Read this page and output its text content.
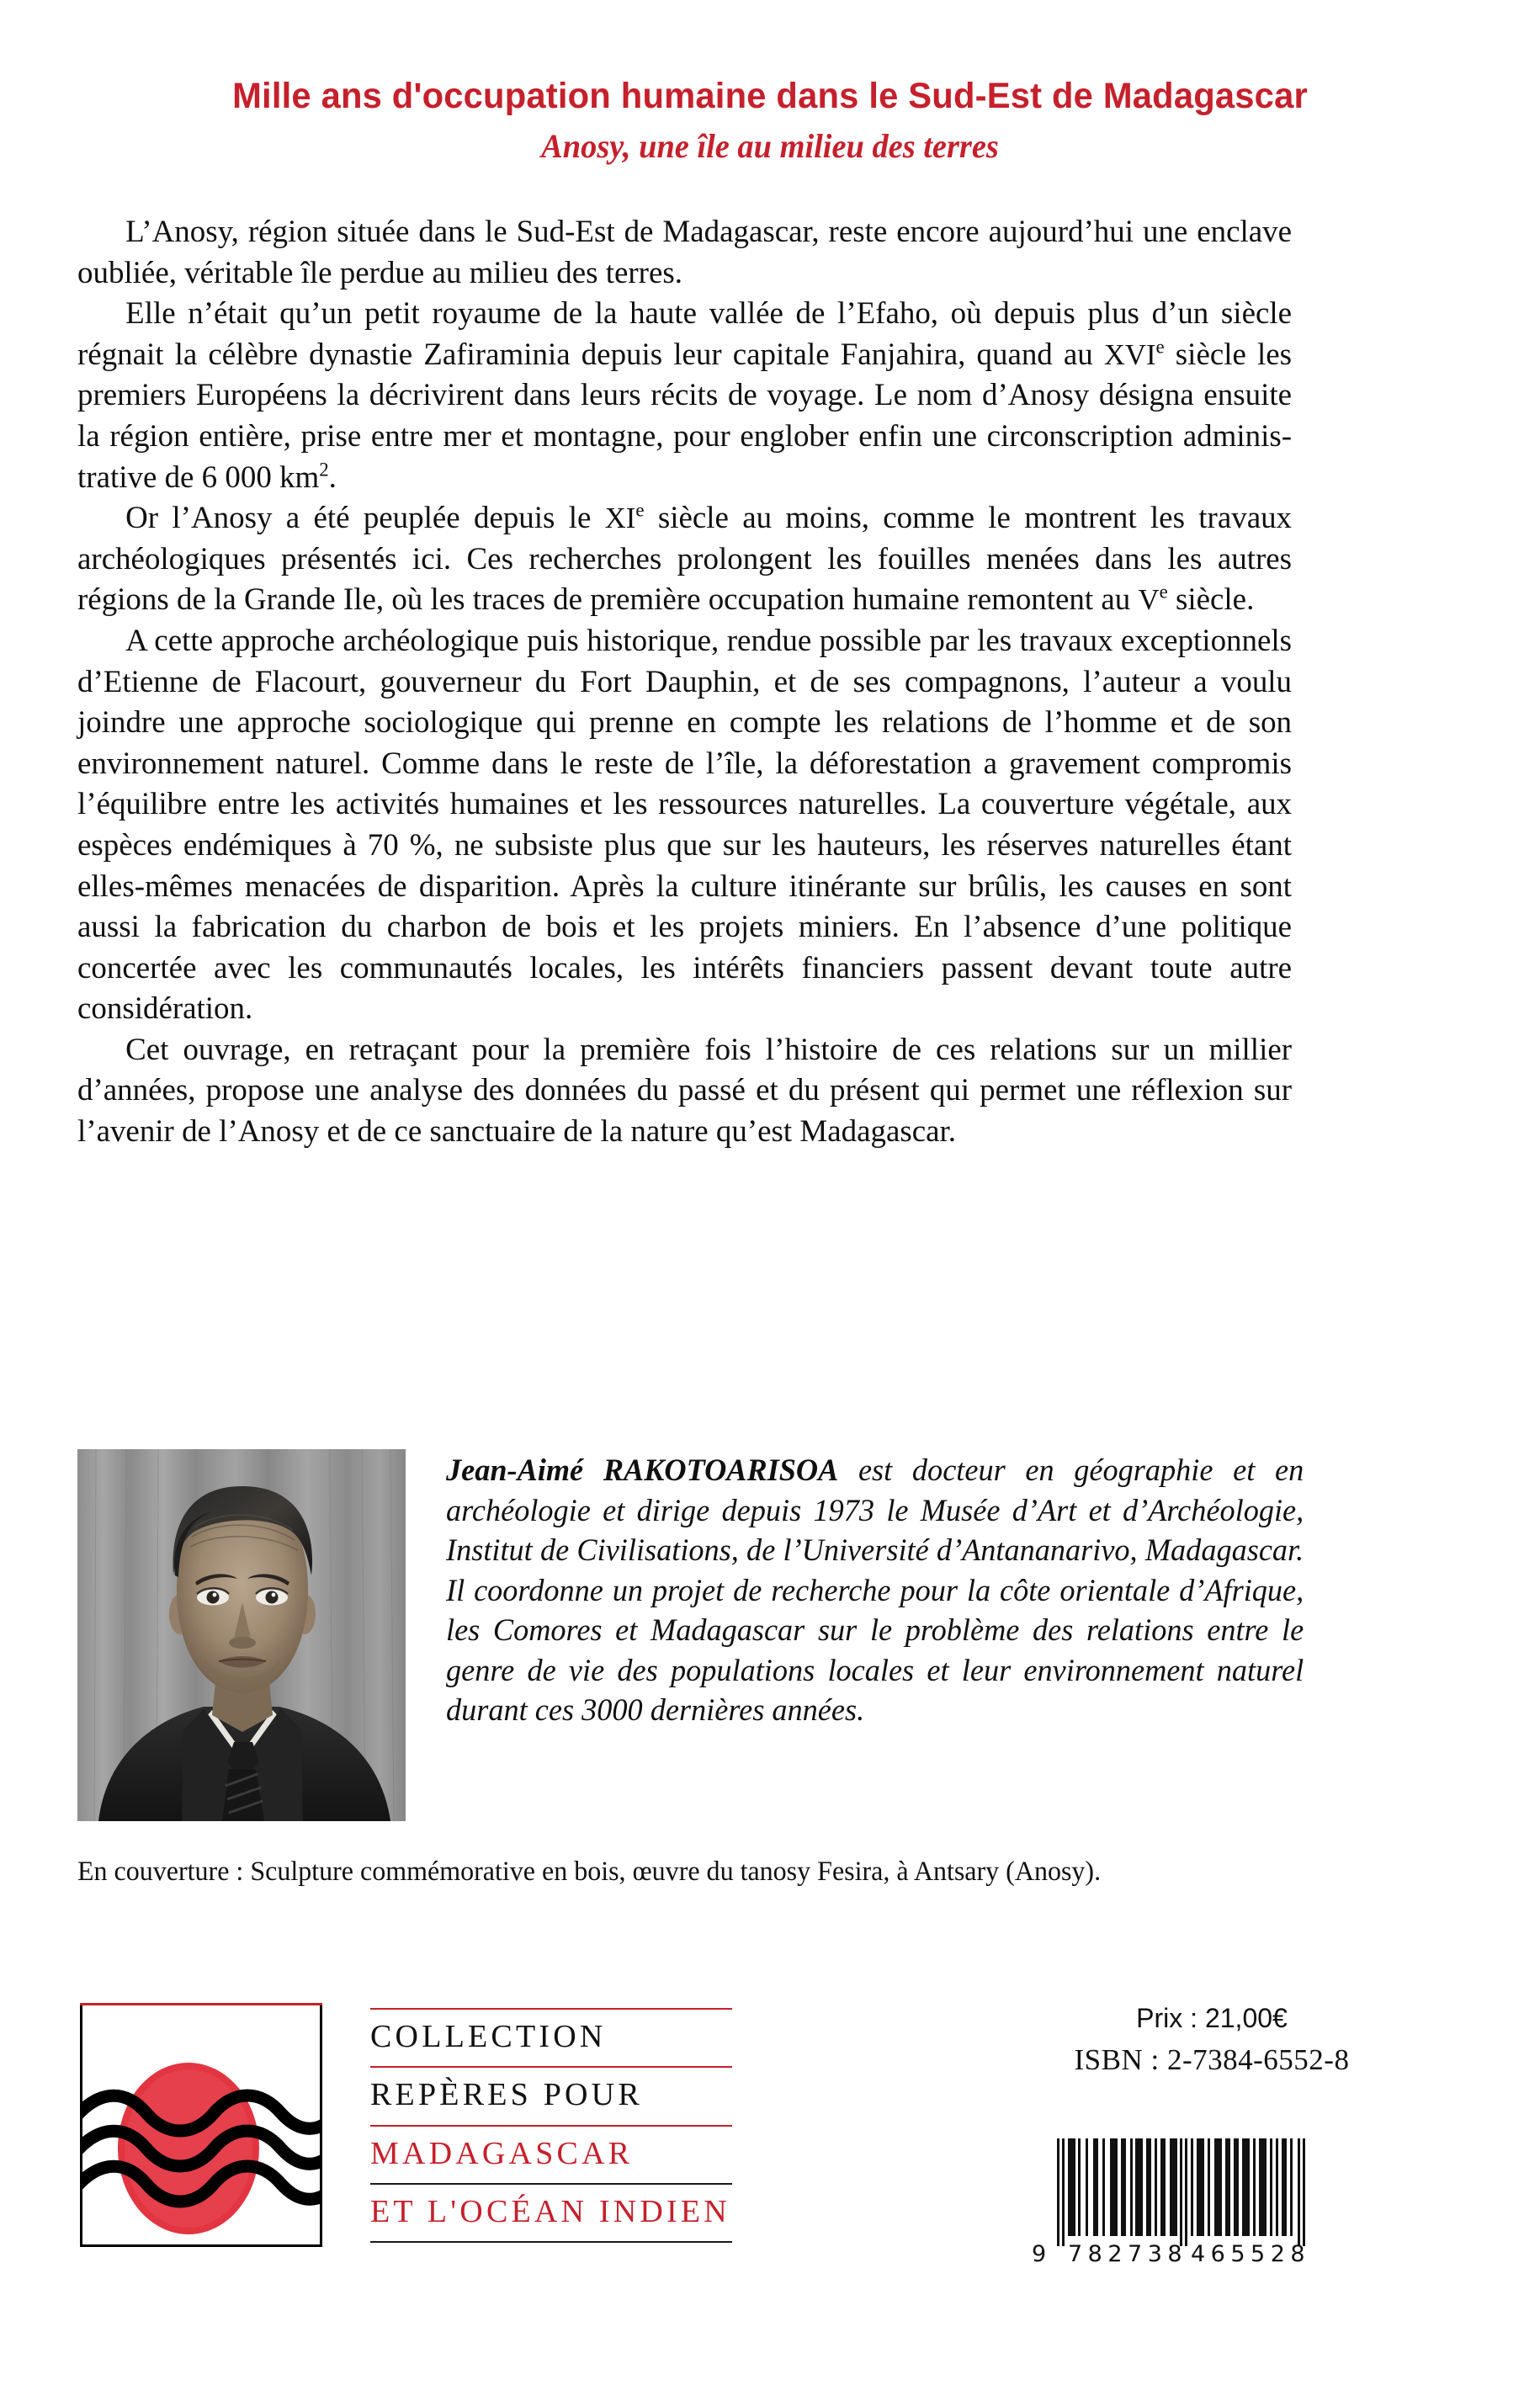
Mille ans d'occupation humaine dans le Sud-Est de Madagascar
Anosy, une île au milieu des terres

L’Anosy, région située dans le Sud-Est de Madagascar, reste encore aujourd’hui une enclave oubliée, véritable île perdue au milieu des terres.

Elle n’était qu’un petit royaume de la haute vallée de l’Efaho, où depuis plus d’un siècle régnait la célèbre dynastie Zafiraminia depuis leur capitale Fanjahira, quand au XVIe siècle les premiers Européens la décrivirent dans leurs récits de voyage. Le nom d’Anosy désigna ensuite la région entière, prise entre mer et montagne, pour englober enfin une circonscription adminis-trative de 6 000 $km^2$.

Or l’Anosy a été peuplée depuis le XIe siècle au moins, comme le montrent les travaux archéologiques présentés ici. Ces recherches prolongent les fouilles menées dans les autres régions de la Grande Ile, où les traces de première occupation humaine remontent au Ve siècle.

A cette approche archéologique puis historique, rendue possible par les travaux exceptionnels d’Etienne de Flacourt, gouverneur du Fort Dauphin, et de ses compagnons, l’auteur a voulu joindre une approche sociologique qui prenne en compte les relations de l’homme et de son environnement naturel. Comme dans le reste de l’île, la déforestation a gravement compromis l’équilibre entre les activités humaines et les ressources naturelles. La couverture végétale, aux espèces endémiques à 70 %, ne subsiste plus que sur les hauteurs, les réserves naturelles étant elles-mêmes menacées de disparition. Après la culture itinérante sur brûlis, les causes en sont aussi la fabrication du charbon de bois et les projets miniers. En l’absence d’une politique concertée avec les communautés locales, les intérêts financiers passent devant toute autre considération.

Cet ouvrage, en retraçant pour la première fois l’histoire de ces relations sur un millier d’années, propose une analyse des données du passé et du présent qui permet une réflexion sur l’avenir de l’Anosy et de ce sanctuaire de la nature qu’est Madagascar.

Jean-Aimé RAKOTOARISOA est docteur en géographie et en archéologie et dirige depuis 1973 le Musée d’Art et d’Archéologie, Institut de Civilisations, de l’Université d’Antananarivo, Madagascar. Il coordonne un projet de recherche pour la côte orientale d’Afrique, les Comores et Madagascar sur le problème des relations entre le genre de vie des populations locales et leur environnement naturel durant ces 3000 dernières années.

En couverture : Sculpture commémorative en bois, œuvre du tanosy Fesira, à Antsary (Anosy).

COLLECTION
REPÈRES POUR
MADAGASCAR
ET L'OCÉAN INDIEN
Prix : 21,00€
ISBN : 2-7384-6552-8
9 782738 465528
